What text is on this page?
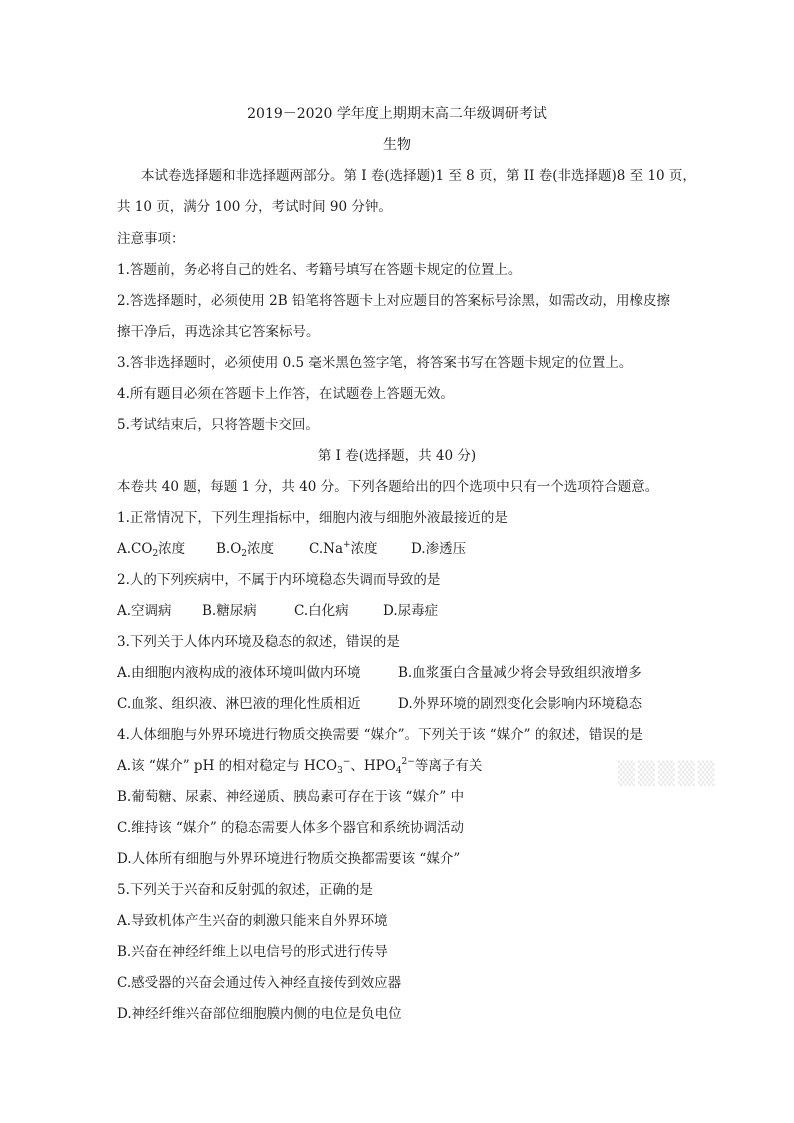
2019－2020 学年度上期期末高二年级调研考试
生物
本试卷选择题和非选择题两部分。第 I 卷(选择题)1 至 8 页，第 II 卷(非选择题)8 至 10 页，
共 10 页，满分 100 分，考试时间 90 分钟。
注意事项：
1.答题前，务必将自己的姓名、考籍号填写在答题卡规定的位置上。
2.答选择题时，必须使用 2B 铅笔将答题卡上对应题目的答案标号涂黑，如需改动，用橡皮擦
擦干净后，再选涂其它答案标号。
3.答非选择题时，必须使用 0.5 毫米黑色签字笔，将答案书写在答题卡规定的位置上。
4.所有题目必须在答题卡上作答，在试题卷上答题无效。
5.考试结束后，只将答题卡交回。
第 I 卷(选择题，共 40 分)
本卷共 40 题，每题 1 分，共 40 分。下列各题给出的四个选项中只有一个选项符合题意。
1.正常情况下，下列生理指标中，细胞内液与细胞外液最接近的是
$A.CO_2$浓度 $B.O_2$浓度	C.Na+浓度 D.渗透压
2.人的下列疾病中，不属于内环境稳态失调而导致的是
A.空调病 B.糖尿病	C.白化病	D.尿毒症
3.下列关于人体内环境及稳态的叙述，错误的是
A.由细胞内液构成的液体环境叫做内环境	B.血浆蛋白含量减少将会导致组织液增多
C.血浆、组织液、淋巴液的理化性质相近	D.外界环境的剧烈变化会影响内环境稳态
4.人体细胞与外界环境进行物质交换需要 “媒介”。下列关于该 “媒介” 的叙述，错误的是
A.该 “媒介” pH 的相对稳定与 $HCO_3^-$、$HPO_4^{2-}$等离子有关
B.葡萄糖、尿素、神经递质、胰岛素可存在于该 “媒介” 中
C.维持该 “媒介” 的稳态需要人体多个器官和系统协调活动
D.人体所有细胞与外界环境进行物质交换都需要该 “媒介”
5.下列关于兴奋和反射弧的叙述，正确的是
A.导致机体产生兴奋的刺激只能来自外界环境
B.兴奋在神经纤维上以电信号的形式进行传导
C.感受器的兴奋会通过传入神经直接传到效应器
D.神经纤维兴奋部位细胞膜内侧的电位是负电位
▒▒▒▒▒
